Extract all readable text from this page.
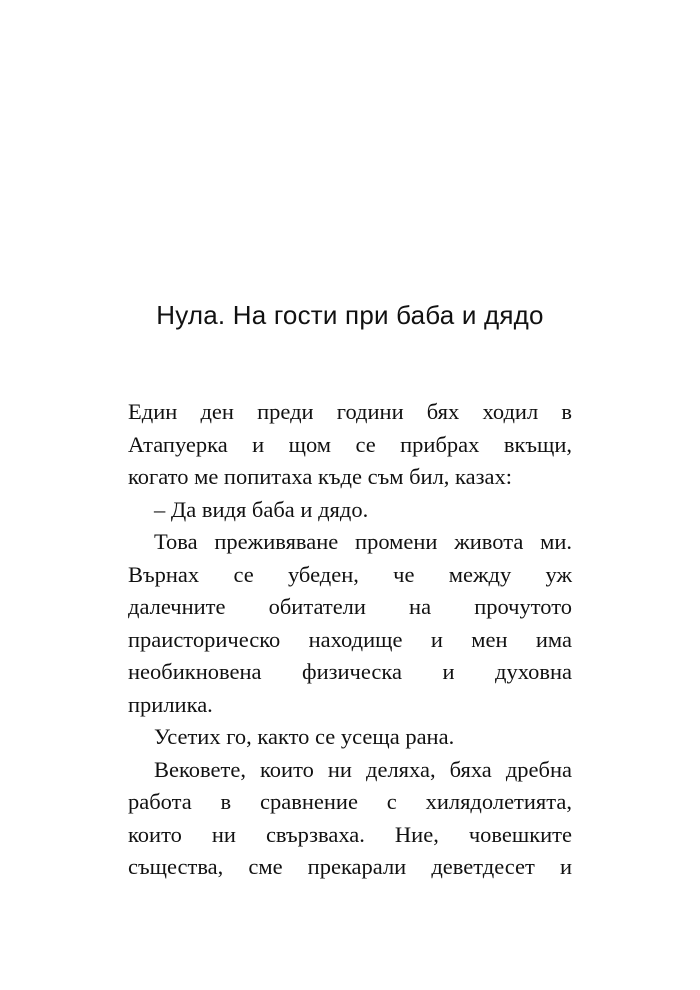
Нула. На гости при баба и дядо
Един ден преди години бях ходил в
Атапуерка и щом се прибрах вкъщи,
когато ме попитаха къде съм бил, казах:
– Да видя баба и дядо.
Това преживяване промени живота ми.
Върнах се убеден, че между уж
далечните обитатели на прочутото
праисторическо находище и мен има
необикновена физическа и духовна
прилика.
Усетих го, както се усеща рана.
Вековете, които ни деляха, бяха дребна
работа в сравнение с хилядолетията,
които ни свързваха. Ние, човешките
същества, сме прекарали деветдесет и
